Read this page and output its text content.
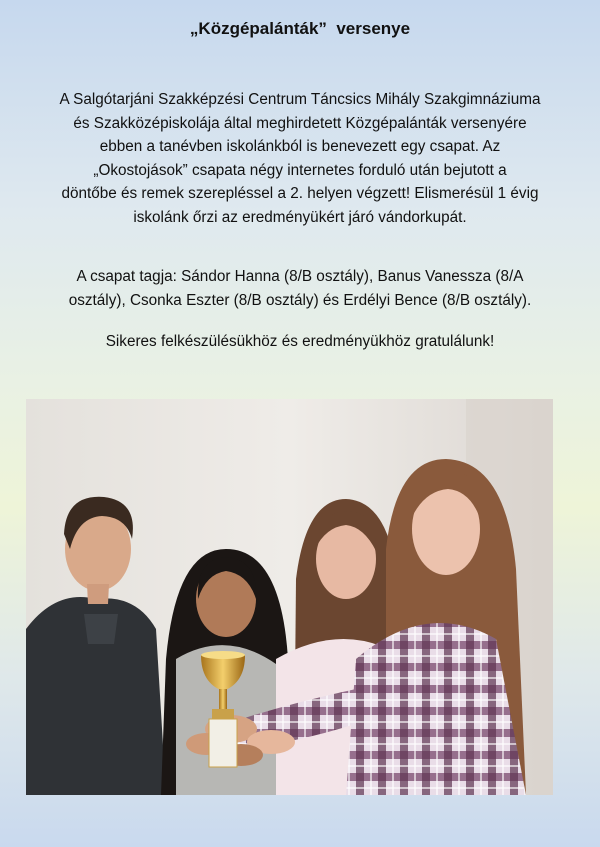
„Közgépalánták”  versenye
A Salgótarjáni Szakképzési Centrum Táncsics Mihály Szakgimnáziuma
és Szakközépiskolája által meghirdetett Közgépalánták versenyére
ebben a tanévben iskolánkból is benevezett egy csapat. Az
„Okostojások” csapata négy internetes forduló után bejutott a
döntőbe és remek szerepléssel a 2. helyen végzett! Elismerésül 1 évig
iskolánk őrzi az eredményükért járó vándorkupát.
A csapat tagja: Sándor Hanna (8/B osztály), Banus Vanessza (8/A
osztály), Csonka Eszter (8/B osztály) és Erdélyi Bence (8/B osztály).
Sikeres felkészülésükhöz és eredményükhöz gratulálunk!
